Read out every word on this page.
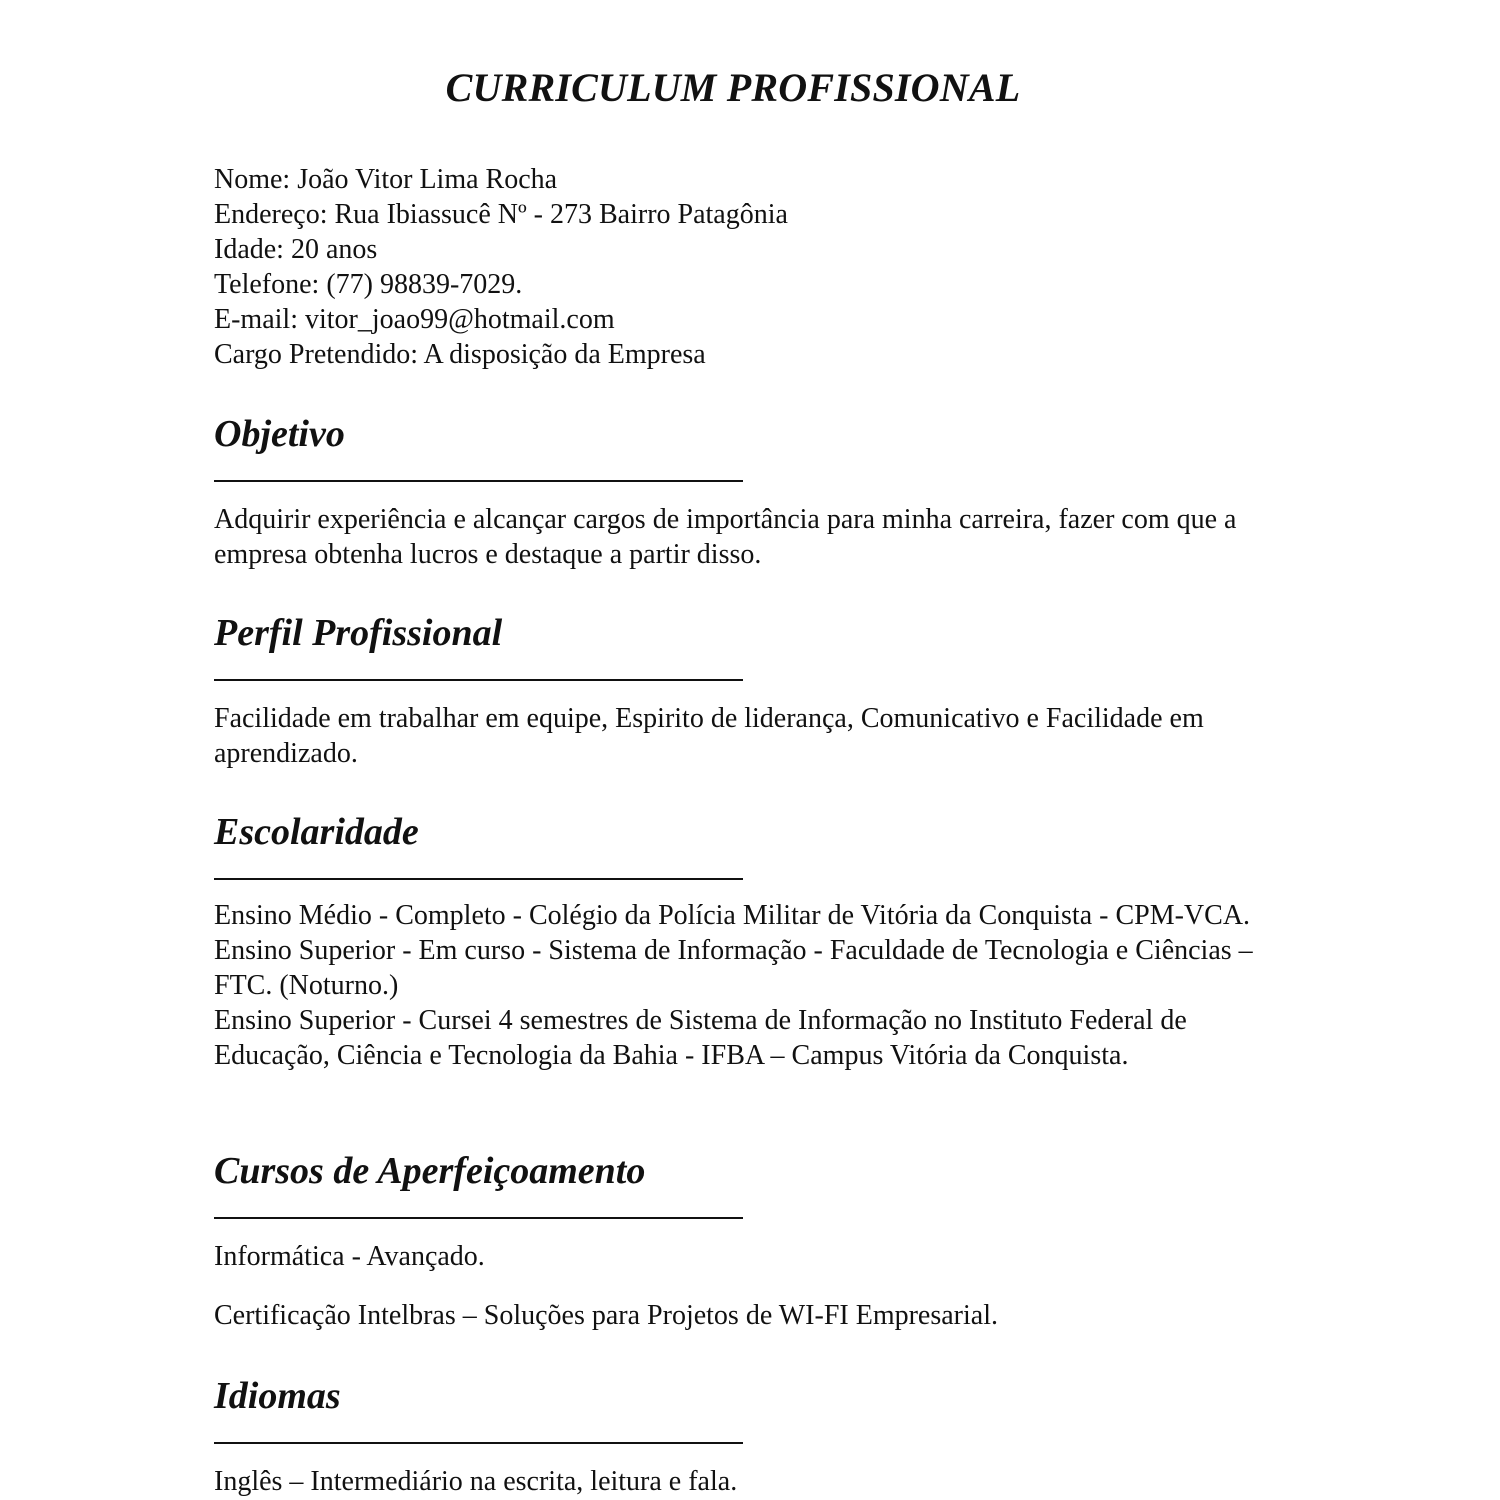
CURRICULUM PROFISSIONAL
Nome: João Vitor Lima Rocha
Endereço: Rua Ibiassucê Nº - 273 Bairro Patagônia
Idade: 20 anos
Telefone: (77) 98839-7029.
E-mail: vitor_joao99@hotmail.com
Cargo Pretendido: A disposição da Empresa
Objetivo
Adquirir experiência e alcançar cargos de importância para minha carreira, fazer com que a empresa obtenha lucros e destaque a partir disso.
Perfil Profissional
Facilidade em trabalhar em equipe, Espirito de liderança, Comunicativo e Facilidade em aprendizado.
Escolaridade
Ensino Médio - Completo - Colégio da Polícia Militar de Vitória da Conquista - CPM-VCA.
Ensino Superior - Em curso - Sistema de Informação - Faculdade de Tecnologia e Ciências – FTC. (Noturno.)
Ensino Superior - Cursei 4 semestres de Sistema de Informação no Instituto Federal de Educação, Ciência e Tecnologia da Bahia - IFBA – Campus Vitória da Conquista.
Cursos de Aperfeiçoamento
Informática - Avançado.
Certificação Intelbras – Soluções para Projetos de WI-FI Empresarial.
Idiomas
Inglês – Intermediário na escrita, leitura e fala.
